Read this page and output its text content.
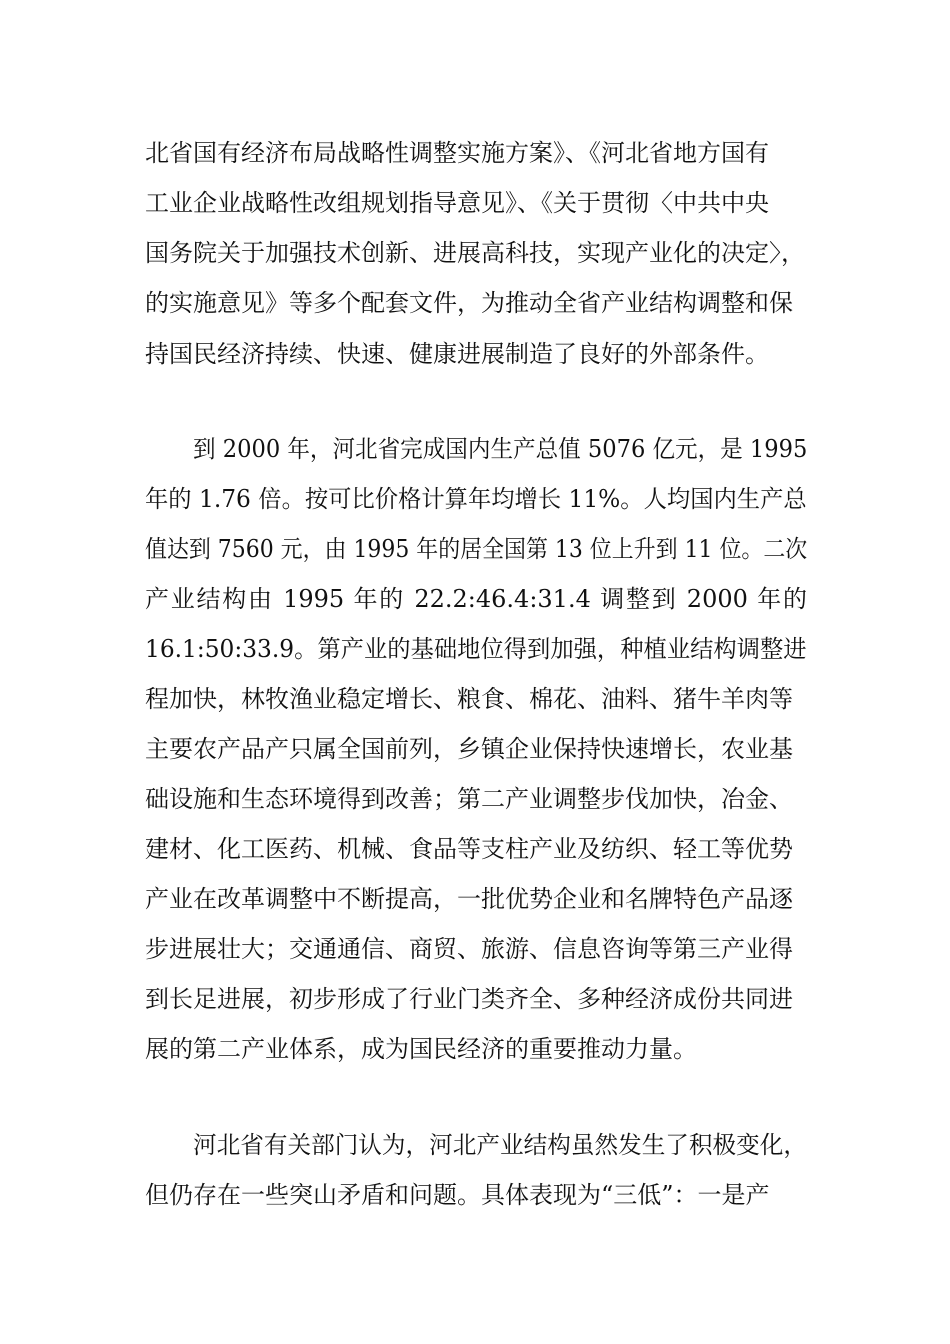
北省国有经济布局战略性调整实施方案》、《河北省地方国有
工业企业战略性改组规划指导意见》、《关于贯彻〈中共中央
国务院关于加强技术创新、进展高科技，实现产业化的决定〉，
的实施意见》等多个配套文件，为推动全省产业结构调整和保
持国民经济持续、快速、健康进展制造了良好的外部条件。
到 2000 年，河北省完成国内生产总值 5076 亿元，是 1995
年的 1.76 倍。按可比价格计算年均增长 11%。人均国内生产总
值达到 7560 元，由 1995 年的居全国第 13 位上升到 11 位。二次
产业结构由 1995 年的 22.2:46.4:31.4 调整到 2000 年的
16.1:50:33.9。第产业的基础地位得到加强，种植业结构调整进
程加快，林牧渔业稳定增长、粮食、棉花、油料、猪牛羊肉等
主要农产品产只属全国前列，乡镇企业保持快速增长，农业基
础设施和生态环境得到改善；第二产业调整步伐加快，冶金、
建材、化工医药、机械、食品等支柱产业及纺织、轻工等优势
产业在改革调整中不断提高，一批优势企业和名牌特色产品逐
步进展壮大；交通通信、商贸、旅游、信息咨询等第三产业得
到长足进展，初步形成了行业门类齐全、多种经济成份共同进
展的第二产业体系，成为国民经济的重要推动力量。
河北省有关部门认为，河北产业结构虽然发生了积极变化，
但仍存在一些突山矛盾和问题。具体表现为“三低”：一是产
